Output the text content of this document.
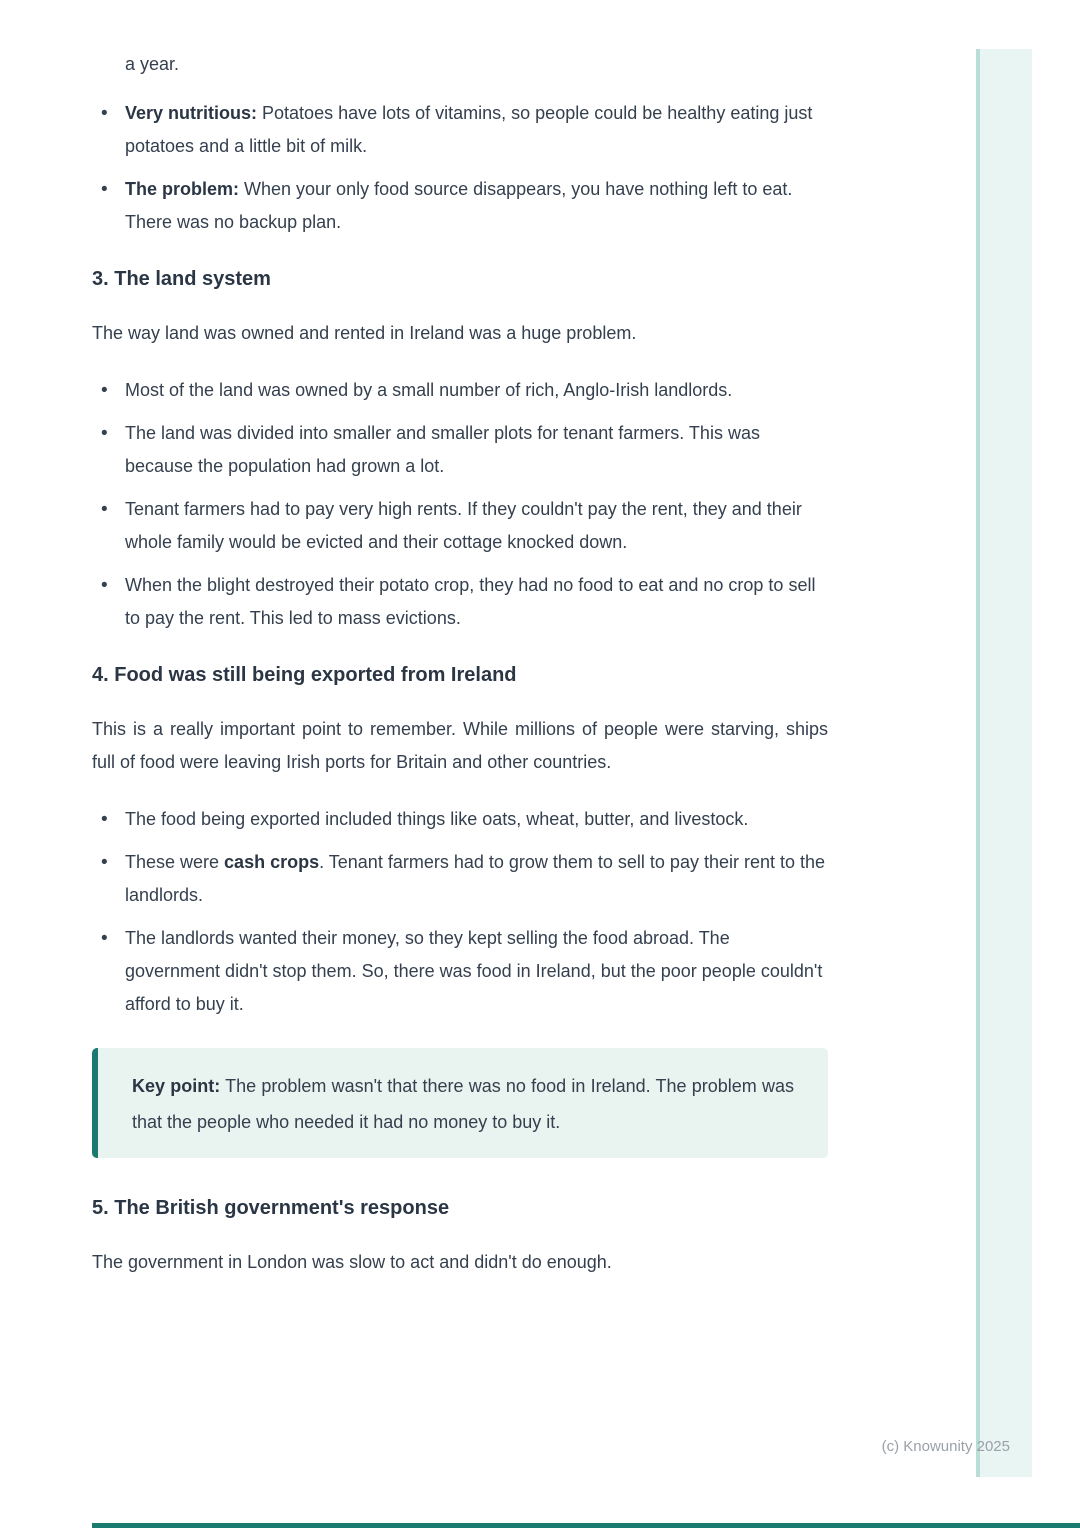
a year.
• Very nutritious: Potatoes have lots of vitamins, so people could be healthy eating just potatoes and a little bit of milk.
• The problem: When your only food source disappears, you have nothing left to eat. There was no backup plan.
3. The land system

The way land was owned and rented in Ireland was a huge problem.

• Most of the land was owned by a small number of rich, Anglo-Irish landlords.
• The land was divided into smaller and smaller plots for tenant farmers. This was because the population had grown a lot.
• Tenant farmers had to pay very high rents. If they couldn't pay the rent, they and their whole family would be evicted and their cottage knocked down.
• When the blight destroyed their potato crop, they had no food to eat and no crop to sell to pay the rent. This led to mass evictions.
4. Food was still being exported from Ireland

This is a really important point to remember. While millions of people were starving, ships full of food were leaving Irish ports for Britain and other countries.

• The food being exported included things like oats, wheat, butter, and livestock.
• These were cash crops. Tenant farmers had to grow them to sell to pay their rent to the landlords.
• The landlords wanted their money, so they kept selling the food abroad. The government didn't stop them. So, there was food in Ireland, but the poor people couldn't afford to buy it.

Key point: The problem wasn't that there was no food in Ireland. The problem was that the people who needed it had no money to buy it.

5. The British government's response

The government in London was slow to act and didn't do enough.

(c) Knowunity 2025
